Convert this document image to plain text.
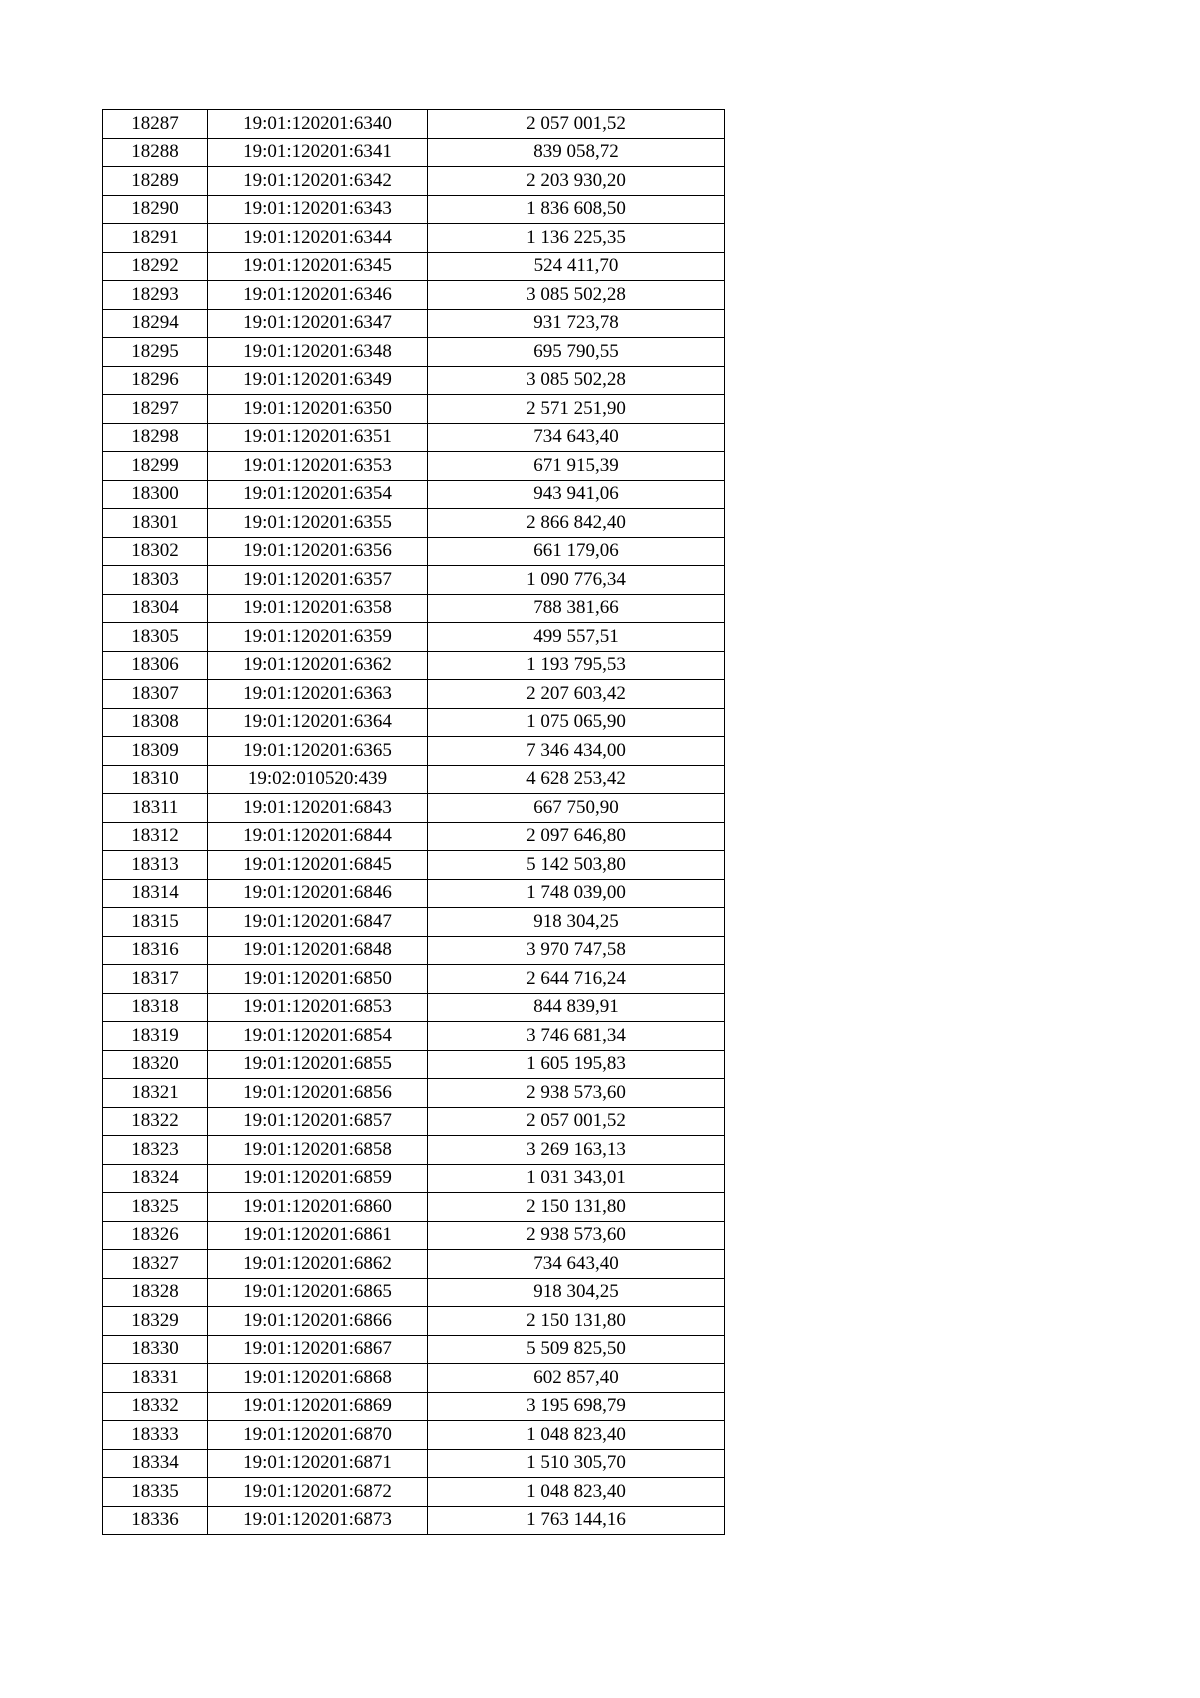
18287	19:01:120201:6340	2 057 001,52
18288	19:01:120201:6341	839 058,72
18289	19:01:120201:6342	2 203 930,20
18290	19:01:120201:6343	1 836 608,50
18291	19:01:120201:6344	1 136 225,35
18292	19:01:120201:6345	524 411,70
18293	19:01:120201:6346	3 085 502,28
18294	19:01:120201:6347	931 723,78
18295	19:01:120201:6348	695 790,55
18296	19:01:120201:6349	3 085 502,28
18297	19:01:120201:6350	2 571 251,90
18298	19:01:120201:6351	734 643,40
18299	19:01:120201:6353	671 915,39
18300	19:01:120201:6354	943 941,06
18301	19:01:120201:6355	2 866 842,40
18302	19:01:120201:6356	661 179,06
18303	19:01:120201:6357	1 090 776,34
18304	19:01:120201:6358	788 381,66
18305	19:01:120201:6359	499 557,51
18306	19:01:120201:6362	1 193 795,53
18307	19:01:120201:6363	2 207 603,42
18308	19:01:120201:6364	1 075 065,90
18309	19:01:120201:6365	7 346 434,00
18310	19:02:010520:439	4 628 253,42
18311	19:01:120201:6843	667 750,90
18312	19:01:120201:6844	2 097 646,80
18313	19:01:120201:6845	5 142 503,80
18314	19:01:120201:6846	1 748 039,00
18315	19:01:120201:6847	918 304,25
18316	19:01:120201:6848	3 970 747,58
18317	19:01:120201:6850	2 644 716,24
18318	19:01:120201:6853	844 839,91
18319	19:01:120201:6854	3 746 681,34
18320	19:01:120201:6855	1 605 195,83
18321	19:01:120201:6856	2 938 573,60
18322	19:01:120201:6857	2 057 001,52
18323	19:01:120201:6858	3 269 163,13
18324	19:01:120201:6859	1 031 343,01
18325	19:01:120201:6860	2 150 131,80
18326	19:01:120201:6861	2 938 573,60
18327	19:01:120201:6862	734 643,40
18328	19:01:120201:6865	918 304,25
18329	19:01:120201:6866	2 150 131,80
18330	19:01:120201:6867	5 509 825,50
18331	19:01:120201:6868	602 857,40
18332	19:01:120201:6869	3 195 698,79
18333	19:01:120201:6870	1 048 823,40
18334	19:01:120201:6871	1 510 305,70
18335	19:01:120201:6872	1 048 823,40
18336	19:01:120201:6873	1 763 144,16
